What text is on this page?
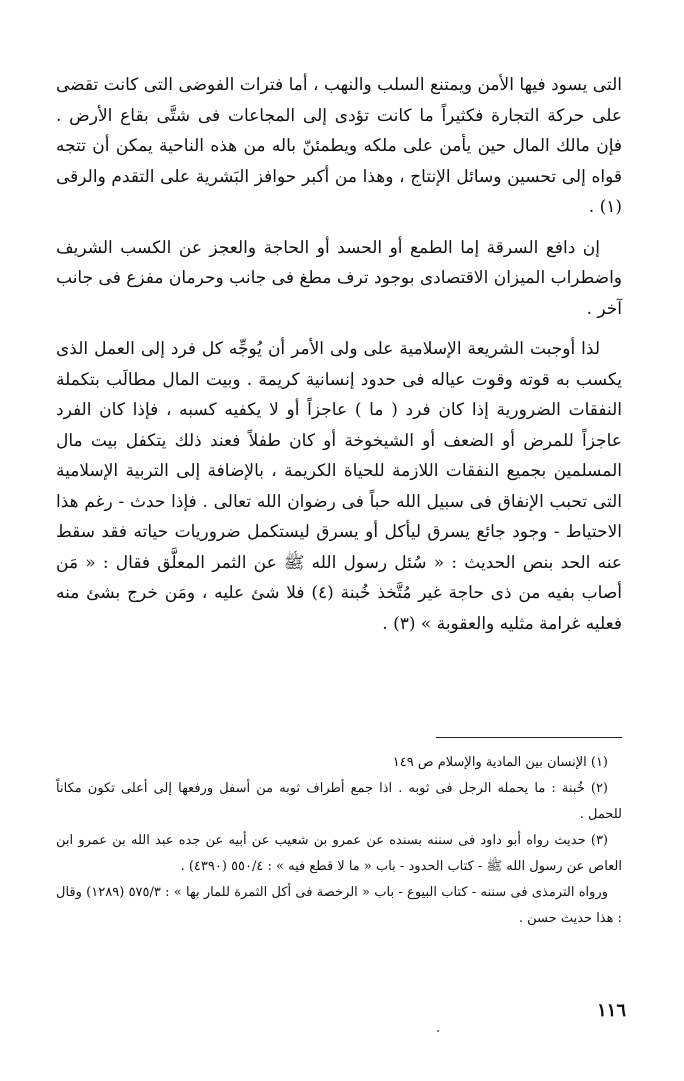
التى يسود فيها الأمن ويمتنع السلب والنهب ، أما فترات الفوضى التى كانت تقضى على حركة التجارة فكثيراً ما كانت تؤدى إلى المجاعات فى شتَّى بقاع الأرض . فإن مالك المال حين يأمن على ملكه ويطمئنّ باله من هذه الناحية يمكن أن تتجه قواه إلى تحسين وسائل الإنتاج ، وهذا من أكبر حوافز البَشرية على التقدم والرقى (١) .

إن دافع السرقة إما الطمع أو الحسد أو الحاجة والعجز عن الكسب الشريف واضطراب الميزان الاقتصادى بوجود ترف مطغ فى جانب وحرمان مفزع فى جانب آخر .

لذا أوجبت الشريعة الإسلامية على ولى الأمر أن يُوجِّه كل فرد إلى العمل الذى يكسب به قوته وقوت عياله فى حدود إنسانية كريمة . وبيت المال مطالَب بتكملة النفقات الضرورية إذا كان فرد ( ما ) عاجزاً أو لا يكفيه كسبه ، فإذا كان الفرد عاجزاً للمرض أو الضعف أو الشيخوخة أو كان طفلاً فعند ذلك يتكفل بيت مال المسلمين بجميع النفقات اللازمة للحياة الكريمة ، بالإضافة إلى التربية الإسلامية التى تحبب الإنفاق فى سبيل الله حباً فى رضوان الله تعالى . فإذا حدث - رغم هذا الاحتياط - وجود جائع يسرق ليأكل أو يسرق ليستكمل ضروريات حياته فقد سقط عنه الحد بنص الحديث : « سُئل رسول الله ﷺ عن الثمر المعلَّق فقال : « مَن أصاب بفيه من ذى حاجة غير مُتَّخذ خُبنة (٤) فلا شئ عليه ، ومَن خرج بشئ منه فعليه غرامة مثليه والعقوبة » (٣) .

(١) الإنسان بين المادية والإسلام ص ١٤٩

(٢) خُبنة : ما يحمله الرجل فى ثوبه . اذا جمع أطراف ثوبه من أسفل ورفعها إلى أعلى تكون مكاناً للحمل .

(٣) حديث رواه أبو داود فى سننه بسنده عن عمرو بن شعيب عن أبيه عن جده عبد الله بن عمرو ابن العاص عن رسول الله ﷺ - كتاب الحدود - باب « ما لا قطع فيه » : ٥٥٠/٤ (٤٣٩٠) .

ورواه الترمذى فى سننه - كتاب البيوع - باب « الرخصة فى أكل الثمرة للمار بها » : ٥٧٥/٣ (١٢٨٩) وقال : هذا حديث حسن .

١١٦
